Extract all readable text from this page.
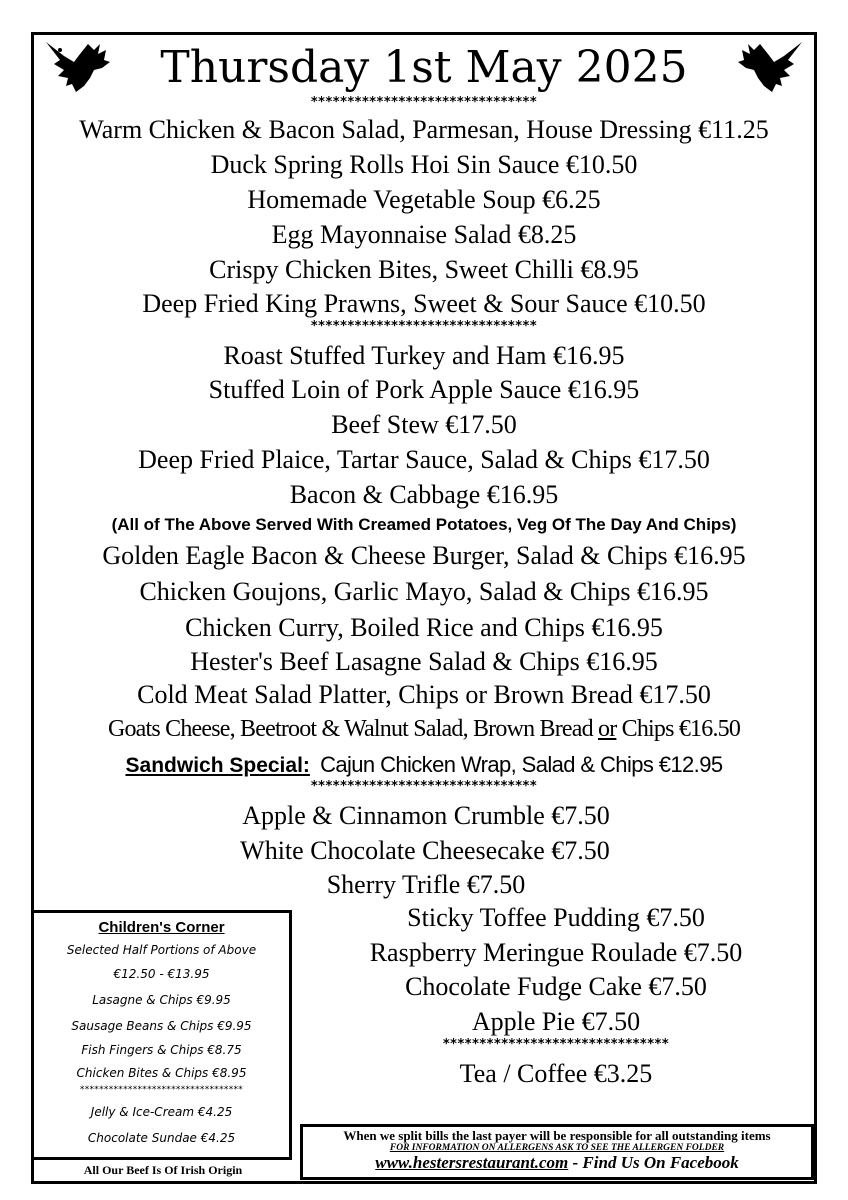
Thursday 1st May 2025
*******************************
Warm Chicken & Bacon Salad, Parmesan, House Dressing €11.25
Duck Spring Rolls Hoi Sin Sauce €10.50
Homemade Vegetable Soup €6.25
Egg Mayonnaise Salad €8.25
Crispy Chicken Bites, Sweet Chilli €8.95
Deep Fried King Prawns, Sweet & Sour Sauce €10.50
*******************************
Roast Stuffed Turkey and Ham €16.95
Stuffed Loin of Pork Apple Sauce €16.95
Beef Stew €17.50
Deep Fried Plaice, Tartar Sauce, Salad & Chips €17.50
Bacon & Cabbage €16.95
(All of The Above Served With Creamed Potatoes, Veg Of The Day And Chips)
Golden Eagle Bacon & Cheese Burger, Salad & Chips €16.95
Chicken Goujons, Garlic Mayo, Salad & Chips €16.95
Chicken Curry, Boiled Rice and Chips €16.95
Hester's Beef Lasagne Salad & Chips €16.95
Cold Meat Salad Platter, Chips or Brown Bread €17.50
Goats Cheese, Beetroot & Walnut Salad, Brown Bread or Chips €16.50
Sandwich Special: Cajun Chicken Wrap, Salad & Chips €12.95
*******************************
Apple & Cinnamon Crumble €7.50
White Chocolate Cheesecake €7.50
Sherry Trifle €7.50
Sticky Toffee Pudding €7.50
Raspberry Meringue Roulade €7.50
Chocolate Fudge Cake €7.50
Apple Pie €7.50
*******************************
Tea / Coffee €3.25
Children's Corner
Selected Half Portions of Above
€12.50 - €13.95
Lasagne & Chips €9.95
Sausage Beans & Chips €9.95
Fish Fingers & Chips €8.75
Chicken Bites & Chips €8.95
**********************************
Jelly & Ice-Cream €4.25
Chocolate Sundae €4.25
All Our Beef Is Of Irish Origin
When we split bills the last payer will be responsible for all outstanding items
FOR INFORMATION ON ALLERGENS ASK TO SEE THE ALLERGEN FOLDER
www.hestersrestaurant.com - Find Us On Facebook
